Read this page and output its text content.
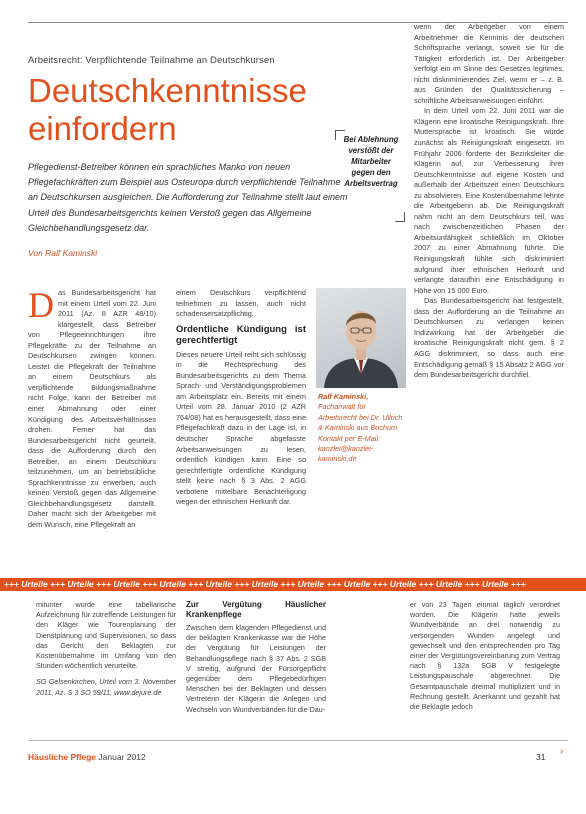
Arbeitsrecht: Verpflichtende Teilnahme an Deutschkursen
Deutschkenntnisse
einfordern
Pflegedienst-Betreiber können ein sprachliches Manko von neuen Pflegefachkräften zum Beispiel aus Osteuropa durch verpflichtende Teilnahme an Deutschkursen ausgleichen. Die Aufforderung zur Teilnahme stellt laut einem Urteil des Bundesarbeitsgerichts keinen Verstoß gegen das Allgemeine Gleichbehandlungsgesetz dar.
Von Ralf Kaminski
Bei Ablehnung verstößt der Mitarbeiter gegen den Arbeitsvertrag

Das Bundesarbeitsgericht hat mit einem Urteil vom 22. Juni 2011 (Az. 8 AZR 48/10) klargestellt, dass Betreiber von Pflegeeinrichtungen ihre Pflegekräfte zu der Teilnahme an Deutschkursen zwingen können. Leistet die Pflegekraft der Teilnahme an einem Deutschkurs als verpflichtende Bildungsmaßnahme nicht Folge, kann der Betreiber mit einer Abmahnung oder einer Kündigung des Arbeitsverhältnisses drohen. Ferner hat das Bundesarbeitsgericht nicht geurteilt, dass die Aufforderung durch den Betreiber, an einem Deutschkurs teilzunehmen, um an betriebsübliche Sprachkenntnisse zu erwerben, auch keinen Verstoß gegen das Allgemeine Gleichbehandlungsgesetz darstellt. Daher macht sich der Arbeitgeber mit dem Wunsch, eine Pflegekraft an

einem Deutschkurs verpflichtend teilnehmen zu lassen, auch nicht schadensersatzpflichtig.

Ordentliche Kündigung ist gerechtfertigt

Dieses neuere Urteil reiht sich schlüssig in die Rechtsprechung des Bundesarbeitsgerichts zu dem Thema Sprach- und Verständigungsproblemen am Arbeitsplatz ein. Bereits mit einem Urteil vom 28. Januar 2010 (2 AZR 764/08) hat es herausgestellt, dass eine Pflegefachkraft dazu in der Lage ist, in deutscher Sprache abgefasste Arbeitsanweisungen zu lesen, ordentlich kündigen kann. Eine so gerechtfertigte ordentliche Kündigung stellt keine nach § 3 Abs. 2 AGG verbotene mittelbare Benachteiligung wegen der ethnischen Herkunft dar.

Ralf Kaminski, Fachanwalt für Arbeitsrecht bei Dr. Ullrich & Kaminski aus Bochum. Kontakt per E-Mail: kanzlei@kanzlei-kaminski.de

wenn der Arbeitgeber von einem Arbeitnehmer die Kenntnis der deutschen Schriftsprache verlangt, soweit sie für die Tätigkeit erforderlich ist. Der Arbeitgeber verfolgt ein im Sinne des Gesetzes legitimes, nicht diskriminierendes Ziel, wenn er – z. B. aus Gründen der Qualitätssicherung – schriftliche Arbeitsanweisungen einführt.

In dem Urteil vom 22. Juni 2011 war die Klägerin eine kroatische Reinigungskraft. Ihre Muttersprache ist kroatisch. Sie wurde zunächst als Reinigungskraft eingesetzt. Im Frühjahr 2006 forderte der Bezirksleiter die Klägerin auf, zur Verbesserung ihrer Deutschkenntnisse auf eigene Kosten und außerhalb der Arbeitszeit einen Deutschkurs zu absolvieren. Eine Kostenübernahme lehnte die Arbeitgeberin ab. Die Reinigungskraft nahm nicht an dem Deutschkurs teil, was nach zwischenzeitlichen Phasen der Arbeitsunfähigkeit schließlich im Oktober 2007 zu einer Abmahnung führte. Die Reinigungskraft fühlte sich diskriminiert aufgrund ihrer ethnischen Herkunft und verlangte daraufhin eine Entschädigung in Höhe von 15 000 Euro.

Das Bundesarbeitsgericht hat festgestellt, dass der Aufforderung an die Teilnahme an Deutschkursen zu verlangen keinen Indizwirkung hat der Arbeitgeber die kroatische Reinigungskraft nicht gem. § 2 AGG diskriminiert, so dass auch eine Entschädigung gemäß § 15 Absatz 2 AGG vor dem Bundesarbeitsgericht durchfiel.

+++ Urteile +++ Urteile +++ Urteile +++ Urteile +++ Urteile +++ Urteile +++ Urteile +++ Urteile +++ Urteile +++ Urteile +++ Urteile +++
mitunter wurde eine tabellarische Aufzeichnung für zutreffende Leistungen für den Kläger wie Tourenplanung der Dienstplanung und Supervisionen, so dass das Gericht den Beklagten zur Kostenübernahme im Umfang von den Stunden wöchentlich verurteilte.
SG Gelsenkirchen, Urteil vom 3. November 2011, Az. S 3 SO 59/11, www.dejure.de
Zur Vergütung Häuslicher Krankenpflege
Zwischen dem klagenden Pflegedienst und der beklagten Krankenkasse war die Höhe der Vergütung für Leistungen der Behandlungspflege nach § 37 Abs. 2 SGB V streitig, aufgrund der Fürsorgepflicht gegenüber dem Pflegebedürftigen Menschen bei der Beklagten und dessen Vertreterin der Klägerin die Anlegen und Wechseln von Wundverbänden für die Dau-
er von 23 Tagen einmal täglich verordnet worden. Die Klägerin hatte jeweils Wundverbände an drei notwendig zu versorgenden Wunden angelegt und gewechselt und den entsprechenden pro Tag einer der Vergütungsvereinbarung zum Vertrag nach § 132a SGB V festgelegte Leistungspauschale abgerechnet. Die Gesamtpauschale dreimal multipliziert und in Rechnung gestellt. Anerkannt und gezahlt hat die Beklagte jedoch
Häusliche Pflege Januar 2012	31 ›
